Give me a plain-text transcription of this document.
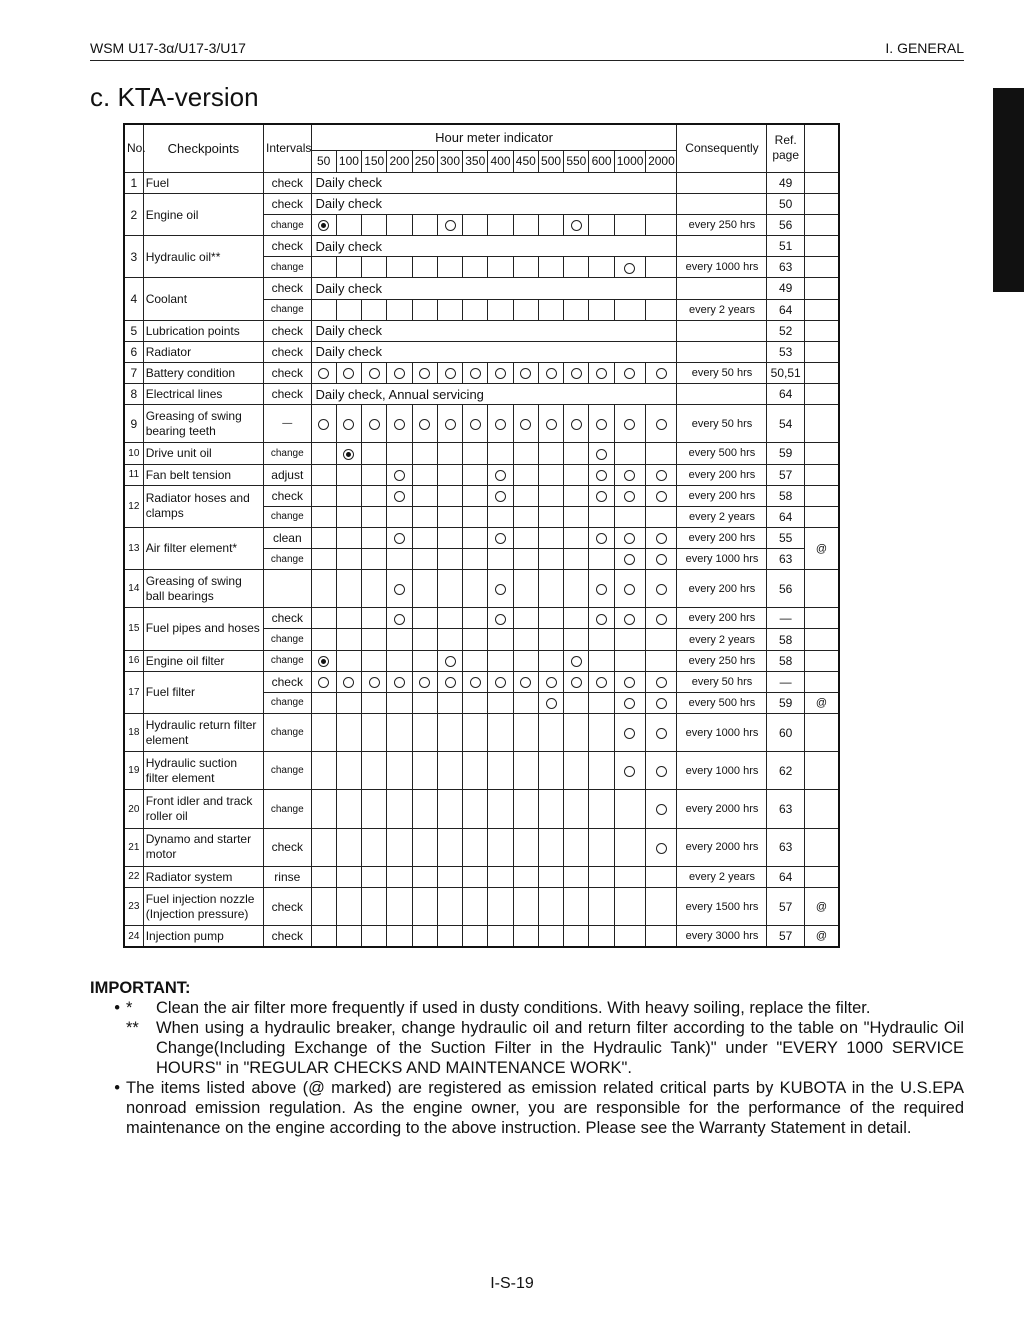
WSM U17-3α/U17-3/U17	I. GENERAL
c. KTA-version
No.	Checkpoints	Intervals	Hour meter indicator														Consequently	Ref. page	
			50	100	150	200	250	300	350	400	450	500	550	600	1000	2000			
1	Fuel	check	Daily check															49	
2	Engine oil	check	Daily check															50	
		change															every 250 hrs	56	
3	Hydraulic oil**	check	Daily check															51	
		change															every 1000 hrs	63	
4	Coolant	check	Daily check															49	
		change															every 2 years	64	
5	Lubrication points	check	Daily check															52	
6	Radiator	check	Daily check															53	
7	Battery condition	check															every 50 hrs	50,51	
8	Electrical lines	check	Daily check, Annual servicing															64	
9	Greasing of swing bearing teeth	—															every 50 hrs	54	
10	Drive unit oil	change															every 500 hrs	59	
11	Fan belt tension	adjust															every 200 hrs	57	
12	Radiator hoses and clamps	check															every 200 hrs	58	
		change															every 2 years	64	
13	Air filter element*	clean															every 200 hrs	55	@
		change															every 1000 hrs	63	
14	Greasing of swing ball bearings																every 200 hrs	56	
15	Fuel pipes and hoses	check															every 200 hrs	—	
		change															every 2 years	58	
16	Engine oil filter	change															every 250 hrs	58	
17	Fuel filter	check															every 50 hrs	—	
		change															every 500 hrs	59	@
18	Hydraulic return filter element	change															every 1000 hrs	60	
19	Hydraulic suction filter element	change															every 1000 hrs	62	
20	Front idler and track roller oil	change															every 2000 hrs	63	
21	Dynamo and starter motor	check															every 2000 hrs	63	
22	Radiator system	rinse															every 2 years	64	
23	Fuel injection nozzle (Injection pressure)	check															every 1500 hrs	57	@
24	Injection pump	check															every 3000 hrs	57	@
IMPORTANT:
• *	Clean the air filter more frequently if used in dusty conditions. With heavy soiling, replace the filter.
**	When using a hydraulic breaker, change hydraulic oil and return filter according to the table on "Hydraulic Oil Change(Including Exchange of the Suction Filter in the Hydraulic Tank)" under "EVERY 1000 SERVICE HOURS" in "REGULAR CHECKS AND MAINTENANCE WORK".
• The items listed above (@ marked) are registered as emission related critical parts by KUBOTA in the U.S.EPA nonroad emission regulation. As the engine owner, you are responsible for the performance of the required maintenance on the engine according to the above instruction. Please see the Warranty Statement in detail.
I-S-19
